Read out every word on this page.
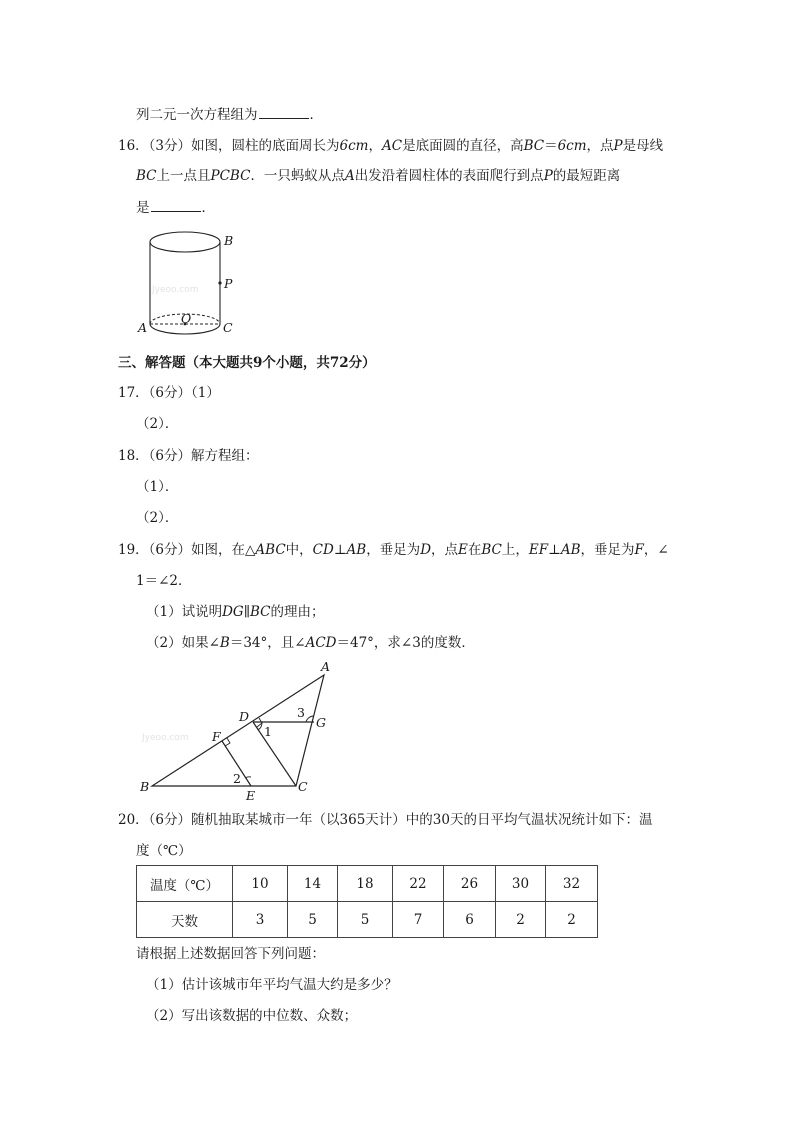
列二元一次方程组为	．
16．（3分）如图，圆柱的底面周长为6cm，AC是底面圆的直径，高BC＝6cm，点P是母线
BC上一点且PCBC．一只蚂蚁从点A出发沿着圆柱体的表面爬行到点P的最短距离
是	．
B
P
A	C
O
Jyeoo.com
三、解答题（本大题共9个小题，共72分）
17．（6分）（1）
（2）．
18．（6分）解方程组：
（1）．
（2）．
19．（6分）如图，在△ABC中，CD⊥AB，垂足为D，点E在BC上，EF⊥AB，垂足为F，∠
1＝∠2．
（1）试说明DG∥BC的理由；
（2）如果∠B＝34°，且∠ACD＝47°，求∠3的度数．
A
D	G
F
B
E
C
1
2
3
Jyeoo.com
20．（6分）随机抽取某城市一年（以365天计）中的30天的日平均气温状况统计如下：温
度（℃）
温度（℃）	10	14	18	22	26	30	32
天数	3	5	5	7	6	2	2
请根据上述数据回答下列问题：
（1）估计该城市年平均气温大约是多少？
（2）写出该数据的中位数、众数；
